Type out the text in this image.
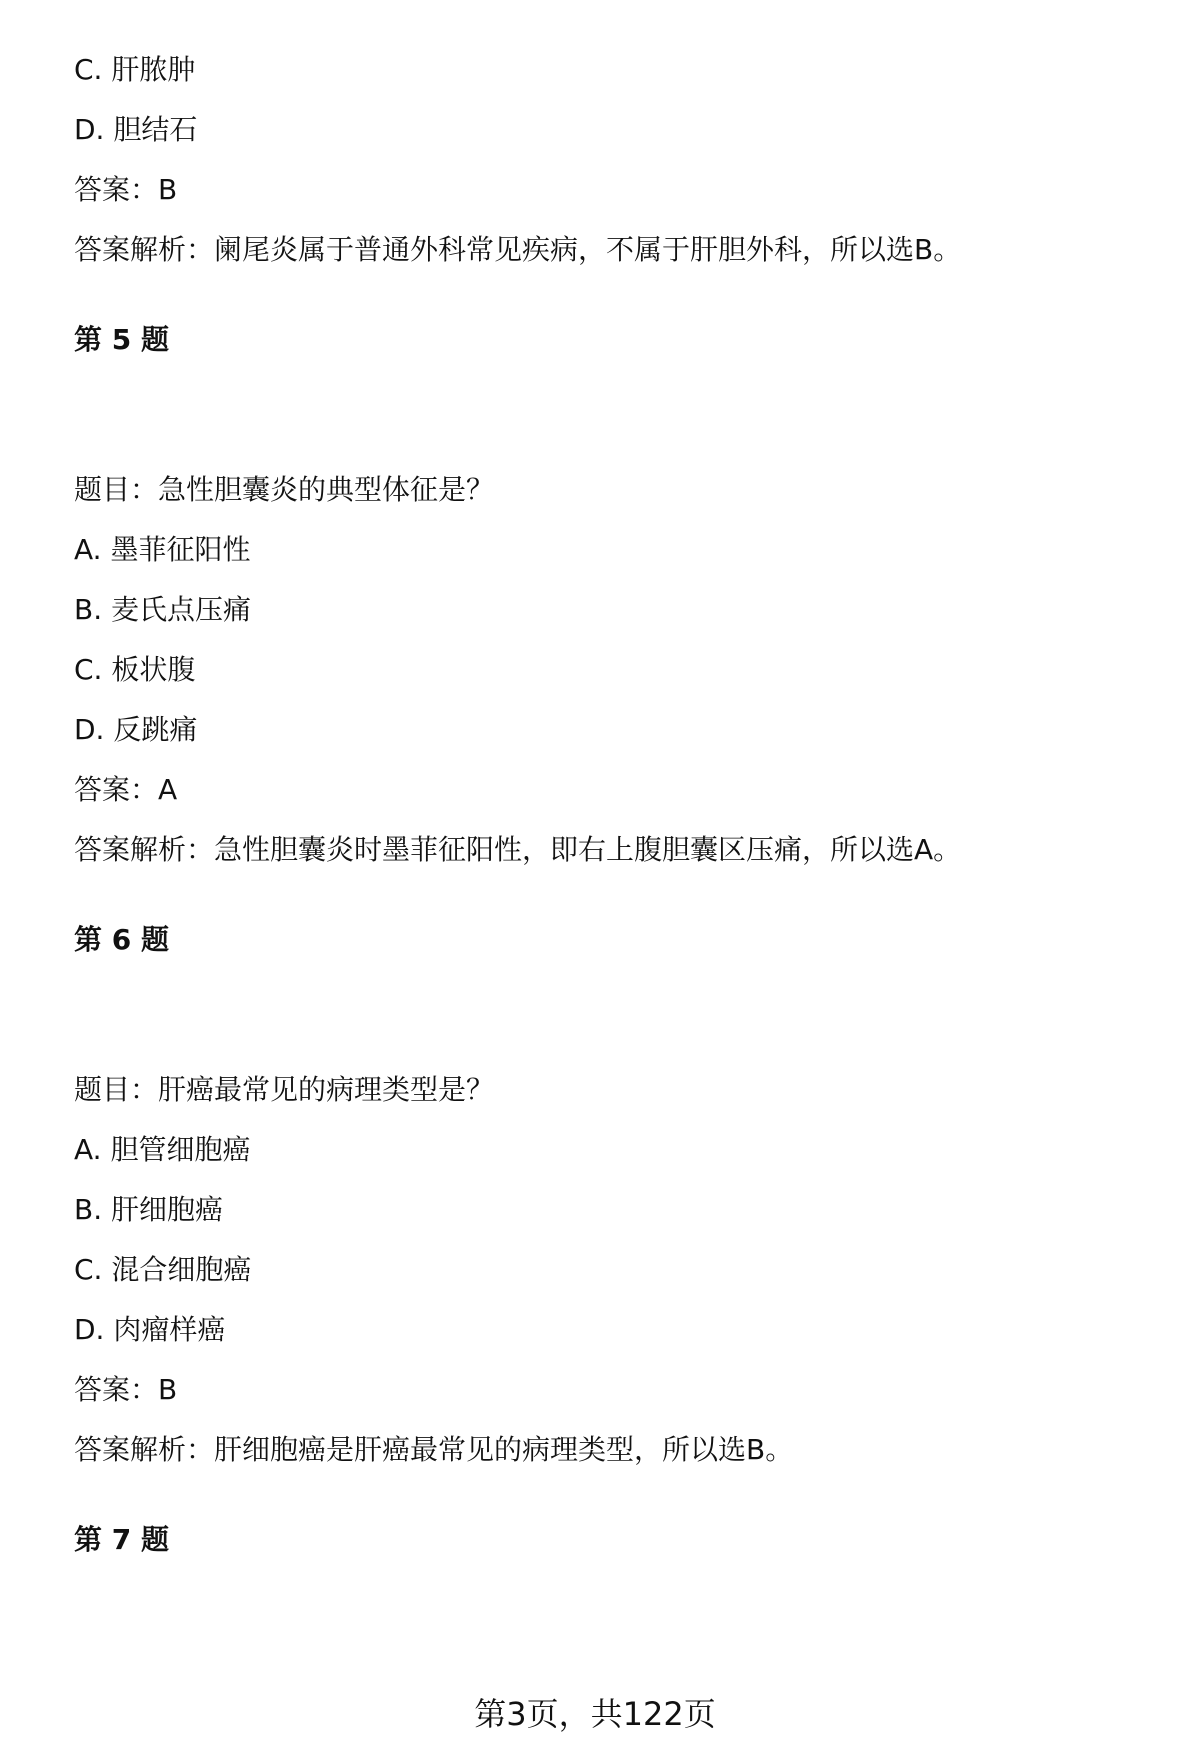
C. 肝脓肿
D. 胆结石
答案：B
答案解析：阑尾炎属于普通外科常见疾病，不属于肝胆外科，所以选B。
第 5 题
题目：急性胆囊炎的典型体征是？
A. 墨菲征阳性
B. 麦氏点压痛
C. 板状腹
D. 反跳痛
答案：A
答案解析：急性胆囊炎时墨菲征阳性，即右上腹胆囊区压痛，所以选A。
第 6 题
题目：肝癌最常见的病理类型是？
A. 胆管细胞癌
B. 肝细胞癌
C. 混合细胞癌
D. 肉瘤样癌
答案：B
答案解析：肝细胞癌是肝癌最常见的病理类型，所以选B。
第 7 题
第3页，共122页
